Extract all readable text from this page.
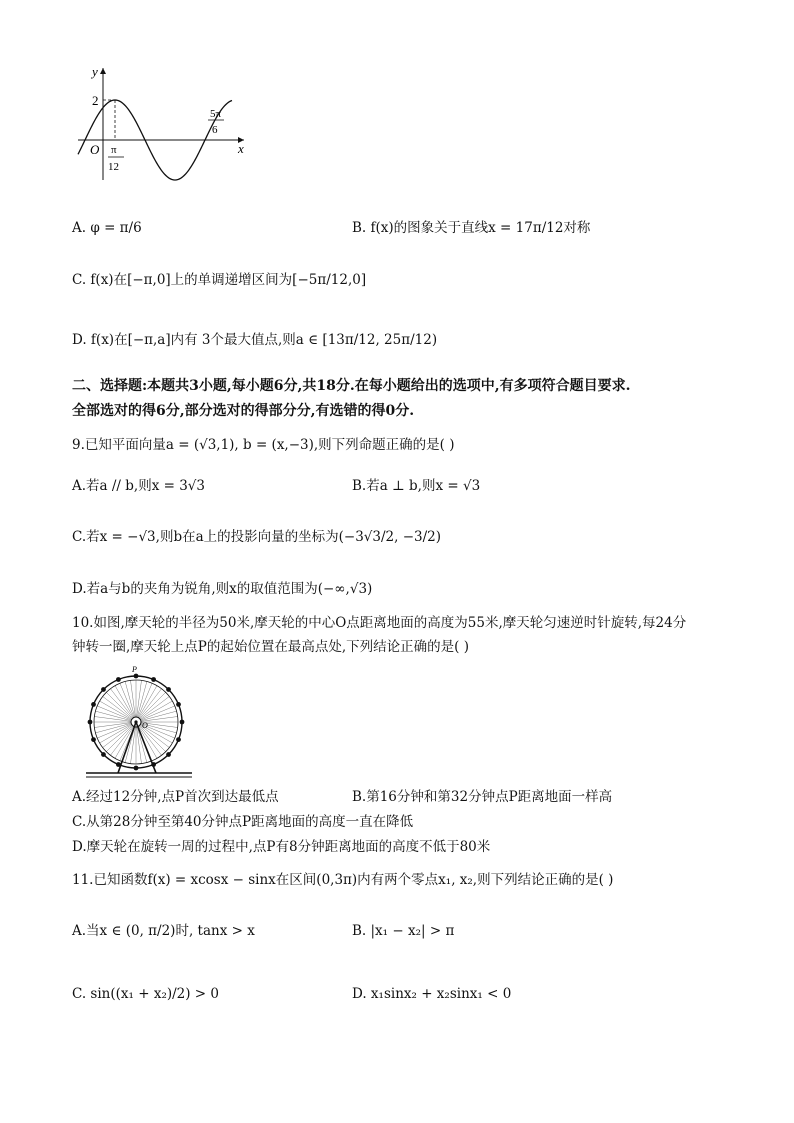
y
x
O
2
π
12
5π
6
A. φ = π/6	B. f(x)的图象关于直线x = 17π/12对称
C. f(x)在[−π,0]上的单调递增区间为[−5π/12,0]
D. f(x)在[−π,a]内有 3个最大值点,则a ∈ [13π/12, 25π/12)
二、选择题:本题共3小题,每小题6分,共18分.在每小题给出的选项中,有多项符合题目要求.
全部选对的得6分,部分选对的得部分分,有选错的得0分.
9.已知平面向量a = (√3,1), b = (x,−3),则下列命题正确的是( )
A.若a // b,则x = 3√3	B.若a ⊥ b,则x = √3
C.若x = −√3,则b在a上的投影向量的坐标为(−3√3/2, −3/2)
D.若a与b的夹角为锐角,则x的取值范围为(−∞,√3)
10.如图,摩天轮的半径为50米,摩天轮的中心O点距离地面的高度为55米,摩天轮匀速逆时针旋转,每24分
钟转一圈,摩天轮上点P的起始位置在最高点处,下列结论正确的是( )
P
O
A.经过12分钟,点P首次到达最低点	B.第16分钟和第32分钟点P距离地面一样高
C.从第28分钟至第40分钟点P距离地面的高度一直在降低
D.摩天轮在旋转一周的过程中,点P有8分钟距离地面的高度不低于80米
11.已知函数f(x) = xcosx − sinx在区间(0,3π)内有两个零点x₁, x₂,则下列结论正确的是( )
A.当x ∈ (0, π/2)时, tanx > x	B. |x₁ − x₂| > π
C. sin((x₁ + x₂)/2) > 0	D. x₁sinx₂ + x₂sinx₁ < 0
